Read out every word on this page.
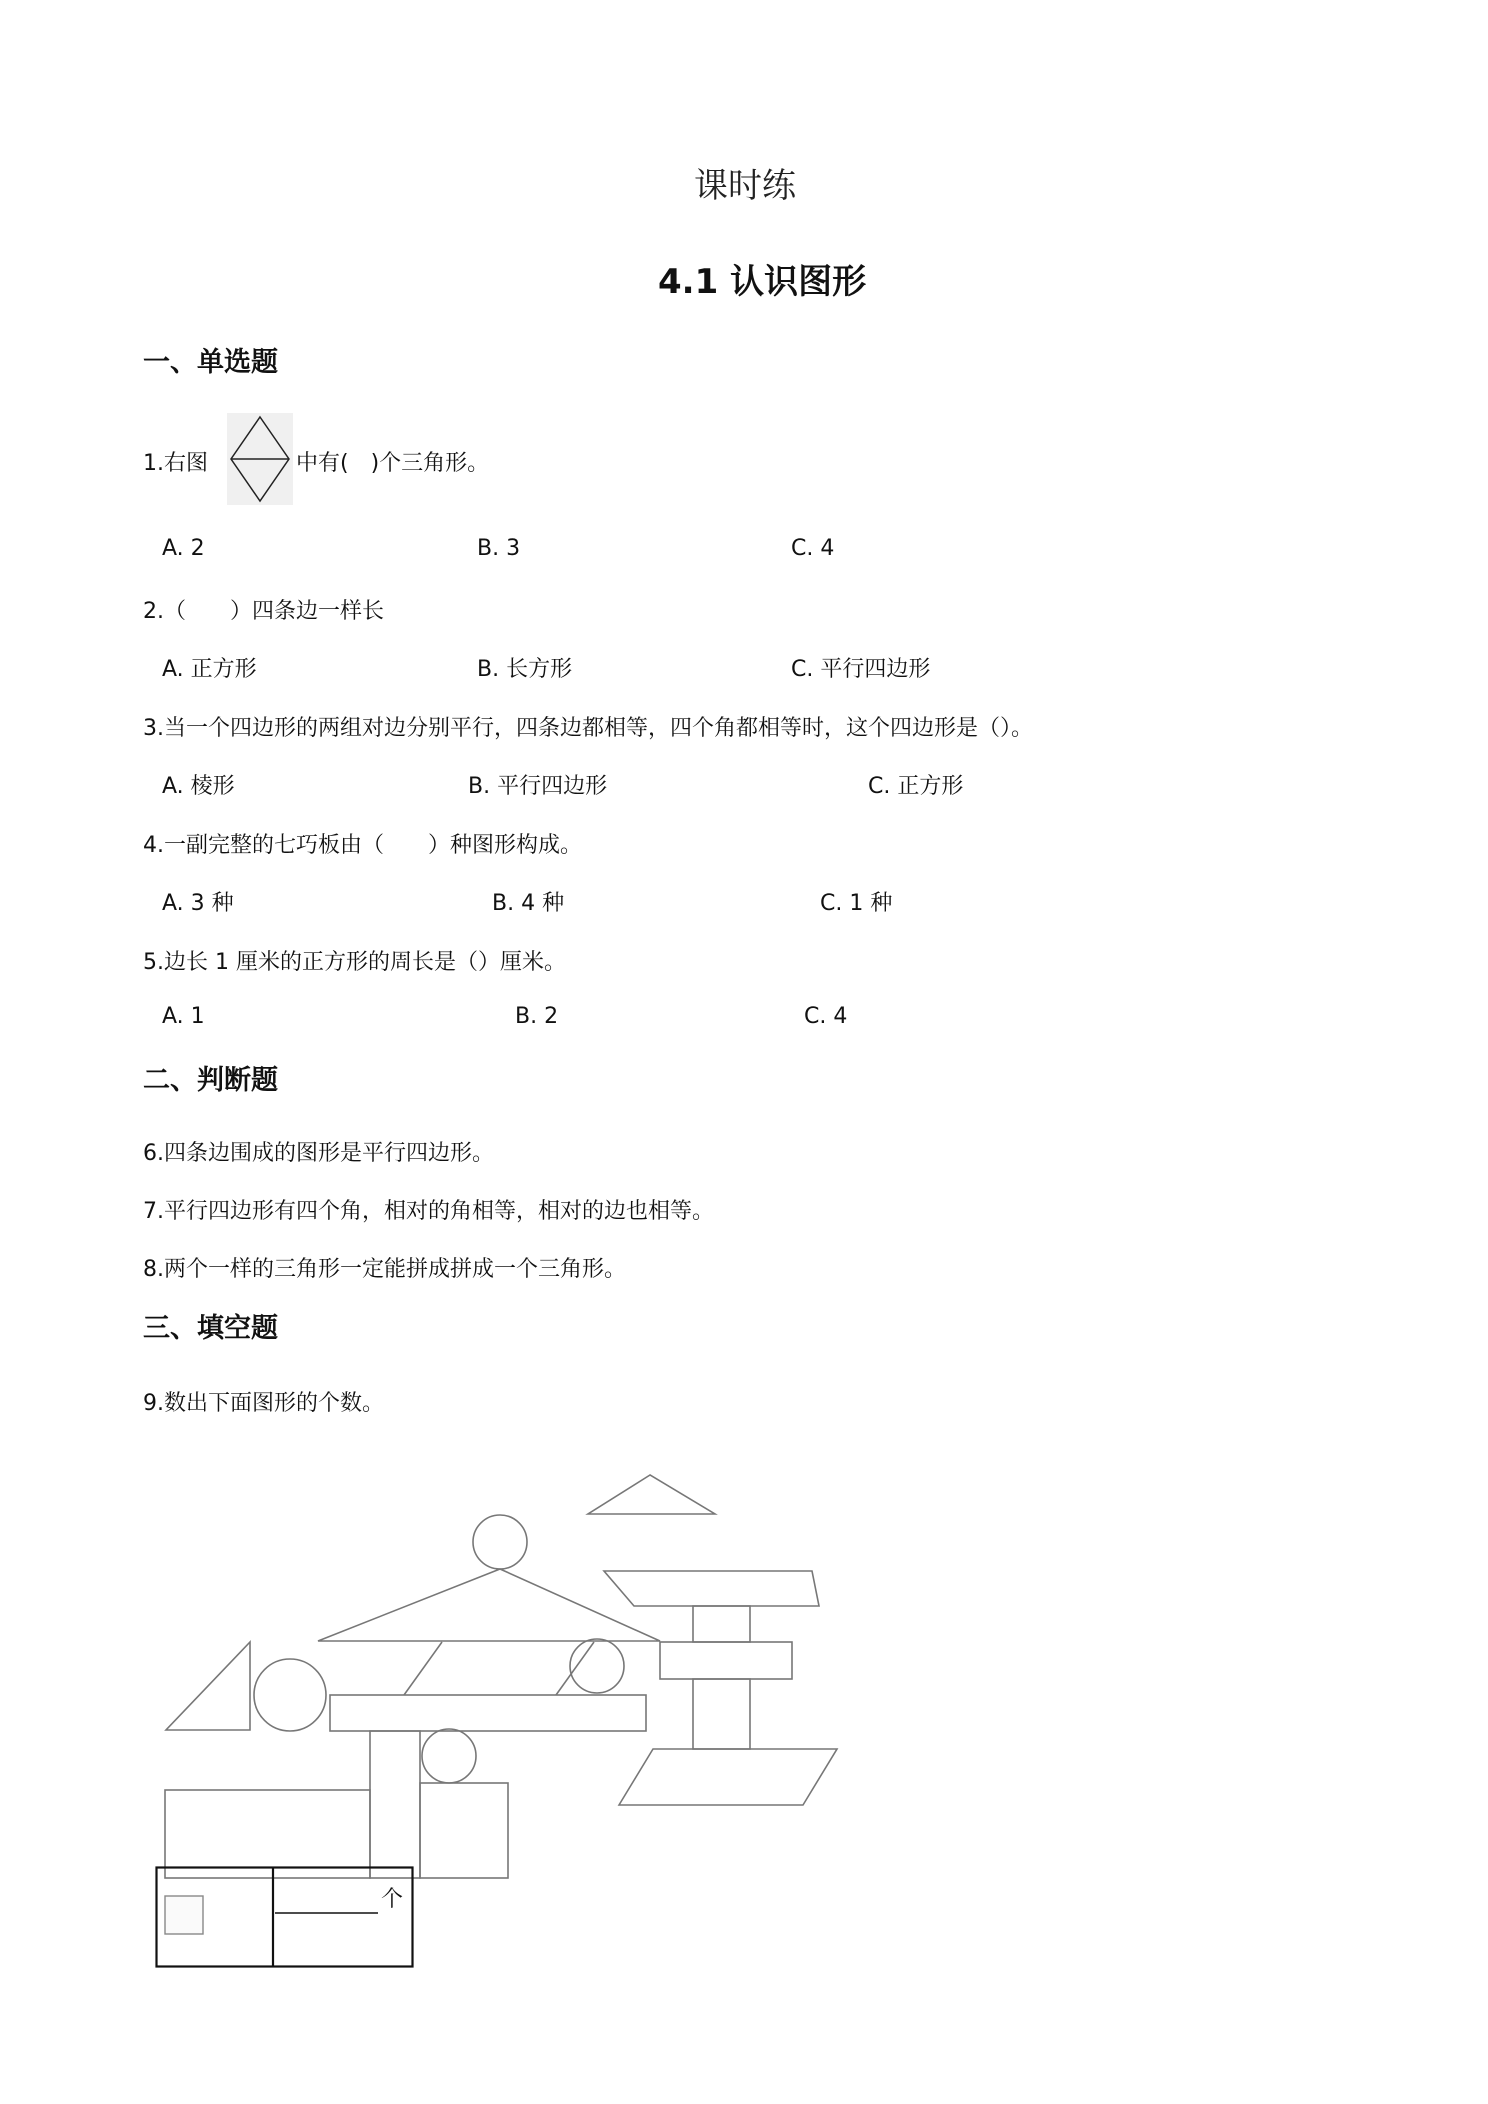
课时练
4.1 认识图形
一、单选题
1.右图	中有(　)个三角形。
A. 2	B. 3	C. 4
2.（　　）四条边一样长
A. 正方形	B. 长方形	C. 平行四边形
3.当一个四边形的两组对边分别平行，四条边都相等，四个角都相等时，这个四边形是（）。
A. 棱形	B. 平行四边形	C. 正方形
4.一副完整的七巧板由（　　）种图形构成。
A. 3 种	B. 4 种	C. 1 种
5.边长 1 厘米的正方形的周长是（）厘米。
A. 1	B. 2	C. 4
二、判断题
6.四条边围成的图形是平行四边形。
7.平行四边形有四个角，相对的角相等，相对的边也相等。
8.两个一样的三角形一定能拼成拼成一个三角形。
三、填空题
9.数出下面图形的个数。
个
